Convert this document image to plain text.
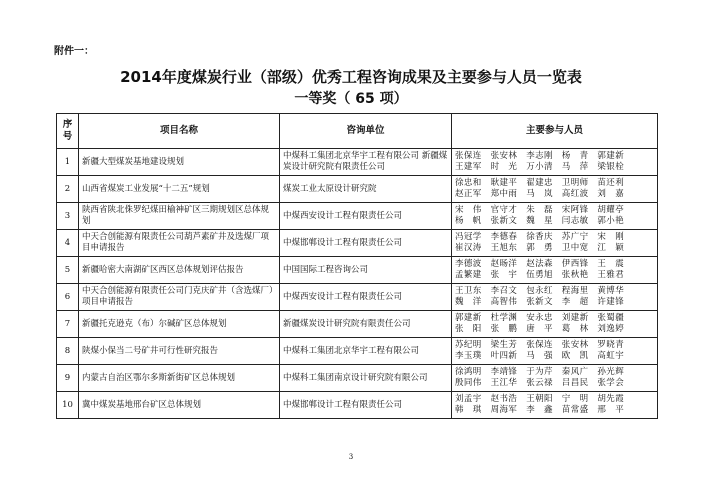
附件一：
2014年度煤炭行业（部级）优秀工程咨询成果及主要参与人员一览表
一等奖（ 65 项）
序号	项目名称	咨询单位	主要参与人员
1	新疆大型煤炭基地建设规划	中煤科工集团北京华宇工程有限公司 新疆煤炭设计研究院有限责任公司	张保连　张安林　李志刚　杨　青　郭建新
王建军　时　光　万小清　马　萍　梁银栓

2	山西省煤炭工业发展“十二五”规划	煤炭工业太原设计研究院	徐忠和　耿建平　翟建忠　卫明师　苗还利
赵正军　郑中雨　马　岚　高红波　刘　嘉

3	陕西省陕北侏罗纪煤田榆神矿区三期规划区总体规划	中煤西安设计工程有限责任公司	宋　伟　官守才　朱　磊　宋阿锋　胡耀亭
杨　帆　张新文　魏　星　闫志敏　郭小艳

4	中天合创能源有限责任公司葫芦素矿井及选煤厂项目申请报告	中煤邯郸设计工程有限责任公司	冯冠学　李德春　徐香庆　苏广宁　宋　刚
崔汉涛　王旭东　郭　勇　卫中宽　江　颖

5	新疆哈密大南湖矿区西区总体规划评估报告	中国国际工程咨询公司	李德波　赵旸洋　赵法森　伊西锋　王　震
孟繁建　张　宇　伍勇旭　张秋艳　王雅君

6	中天合创能源有限责任公司门克庆矿井（含选煤厂）项目申请报告	中煤西安设计工程有限责任公司	王卫东　李召文　包永红　程海里　黄博华
魏　洋　高智伟　张新文　李　超　许建锋

7	新疆托克逊克（布）尔碱矿区总体规划	新疆煤炭设计研究院有限责任公司	郭建新　杜学渊　安永忠　刘建新　张蜀疆
张　阳　张　鹏　唐　平　葛　林　刘逸婷

8	陕煤小保当二号矿井可行性研究报告	中煤科工集团北京华宇工程有限公司	苏纪明　梁生芳　张保连　张安林　罗晓青
李玉璞　叶四新　马　强　欧　凯　高虹宇

9	内蒙古自治区鄂尔多斯新街矿区总体规划	中煤科工集团南京设计研究院有限公司	徐鸿明　李靖锋　于为芹　秦风广　孙光辉
殷同伟　王江华　张云禄　吕昌民　张学会

10	冀中煤炭基地邢台矿区总体规划	中煤邯郸设计工程有限责任公司	刘孟宇　赵书浩　王朝阳　宁　明　胡先霞
韩　琪　周海军　李　鑫　苗常盛　邢　平
3
